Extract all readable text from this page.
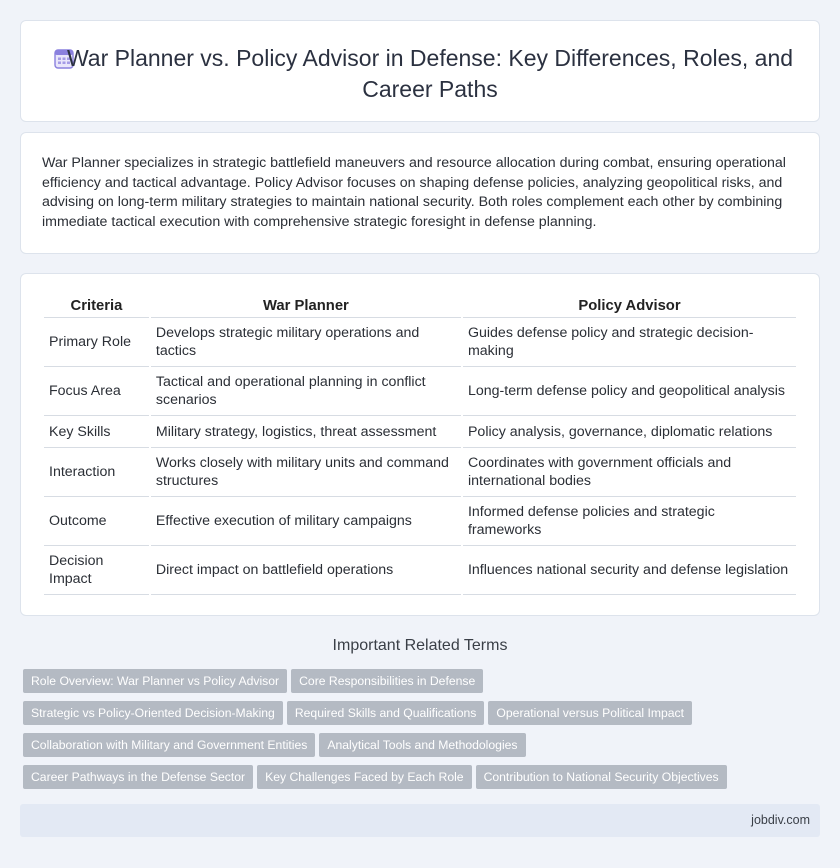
War Planner vs. Policy Advisor in Defense: Key Differences, Roles, and Career Paths

War Planner specializes in strategic battlefield maneuvers and resource allocation during combat, ensuring operational efficiency and tactical advantage. Policy Advisor focuses on shaping defense policies, analyzing geopolitical risks, and advising on long-term military strategies to maintain national security. Both roles complement each other by combining immediate tactical execution with comprehensive strategic foresight in defense planning.

Criteria	War Planner	Policy Advisor
Primary Role	Develops strategic military operations and tactics	Guides defense policy and strategic decision-making
Focus Area	Tactical and operational planning in conflict scenarios	Long-term defense policy and geopolitical analysis
Key Skills	Military strategy, logistics, threat assessment	Policy analysis, governance, diplomatic relations
Interaction	Works closely with military units and command structures	Coordinates with government officials and international bodies
Outcome	Effective execution of military campaigns	Informed defense policies and strategic frameworks
Decision Impact	Direct impact on battlefield operations	Influences national security and defense legislation
Important Related Terms
Role Overview: War Planner vs Policy Advisor Core Responsibilities in DefenseStrategic vs Policy-Oriented Decision-Making Required Skills and Qualifications Operational versus Political ImpactCollaboration with Military and Government Entities Analytical Tools and MethodologiesCareer Pathways in the Defense Sector Key Challenges Faced by Each Role Contribution to National Security Objectives
jobdiv.com
